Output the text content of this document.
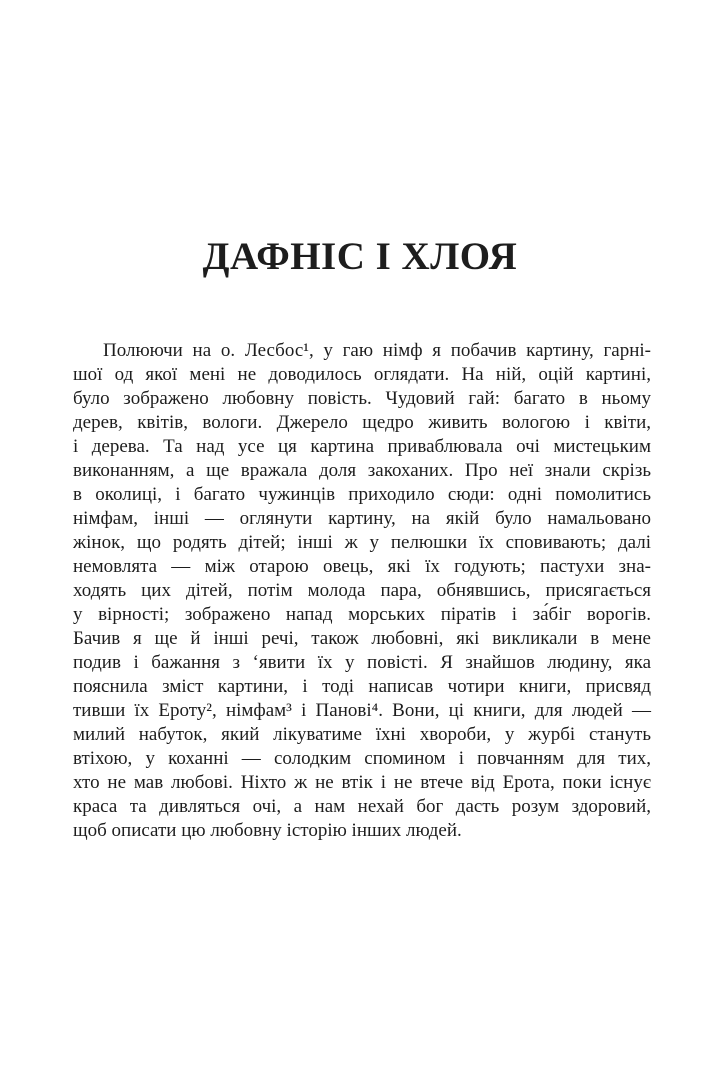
ДАФНІС І ХЛОЯ
Полюючи на о. Лесбос¹, у гаю німф я побачив картину, гарні-
шої од якої мені не доводилось оглядати. На ній, оцій картині,
було зображено любовну повість. Чудовий гай: багато в ньому
дерев, квітів, вологи. Джерело щедро живить вологою і квіти,
і дерева. Та над усе ця картина приваблювала очі мистецьким
виконанням, а ще вражала доля закоханих. Про неї знали скрізь
в околиці, і багато чужинців приходило сюди: одні помолитись
німфам, інші — оглянути картину, на якій було намальовано
жінок, що родять дітей; інші ж у пелюшки їх сповивають; далі
немовлята — між отарою овець, які їх годують; пастухи зна-
ходять цих дітей, потім молода пара, обнявшись, присягається
у вірності; зображено напад морських піратів і за́біг ворогів.
Бачив я ще й інші речі, також любовні, які викликали в мене
подив і бажання з ‘явити їх у повісті. Я знайшов людину, яка
пояснила зміст картини, і тоді написав чотири книги, присвяд
тивши їх Ероту², німфам³ і Панові⁴. Вони, ці книги, для людей —
милий набуток, який лікуватиме їхні хвороби, у журбі стануть
втіхою, у коханні — солодким спомином і повчанням для тих,
хто не мав любові. Ніхто ж не втік і не втече від Ерота, поки існує
краса та дивляться очі, а нам нехай бог дасть розум здоровий,
щоб описати цю любовну історію інших людей.
